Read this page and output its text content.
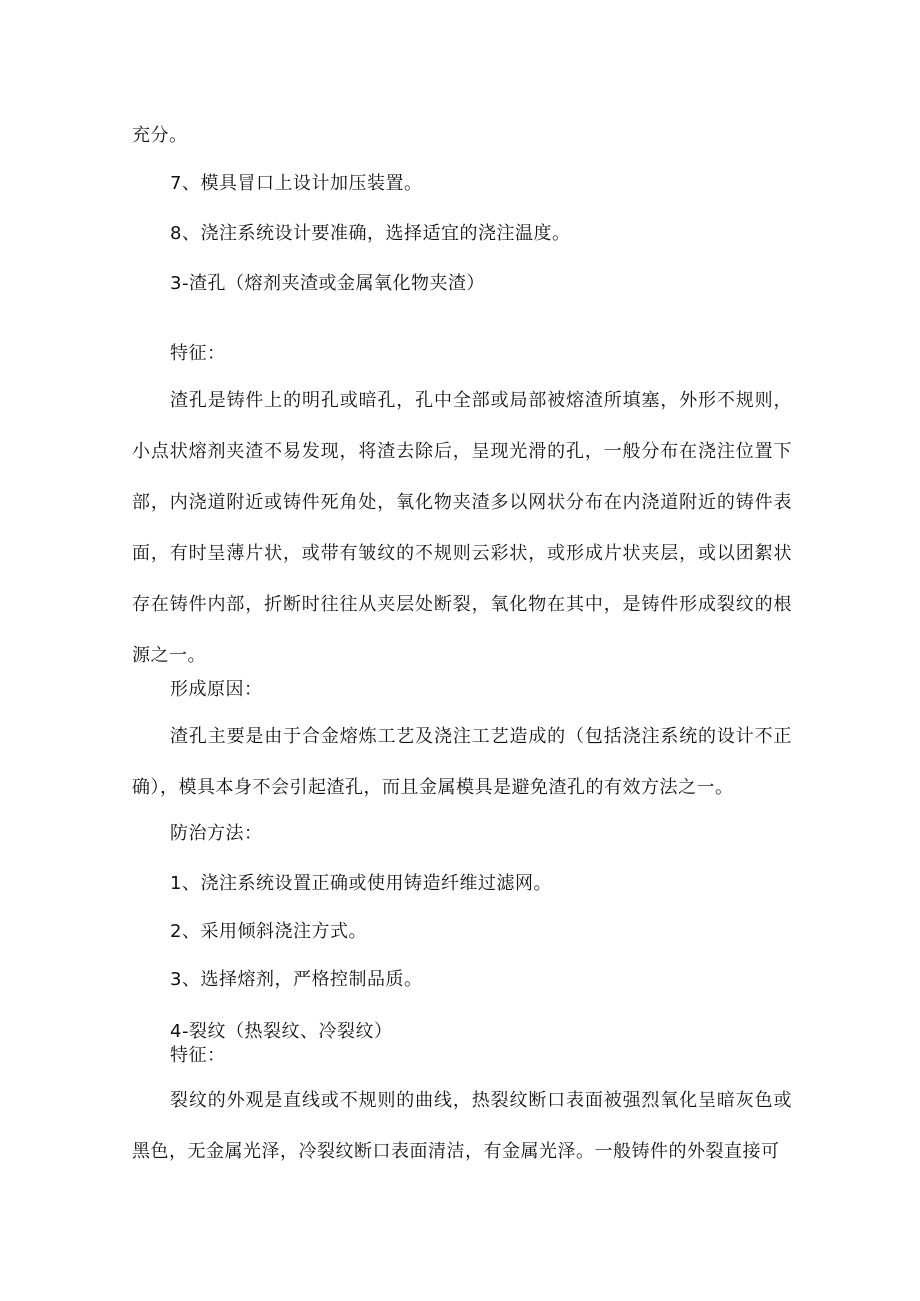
充分。
7、模具冒口上设计加压装置。
8、浇注系统设计要准确，选择适宜的浇注温度。
3-渣孔（熔剂夹渣或金属氧化物夹渣）
特征：
渣孔是铸件上的明孔或暗孔，孔中全部或局部被熔渣所填塞，外形不规则，小点状熔剂夹渣不易发现，将渣去除后，呈现光滑的孔，一般分布在浇注位置下部，内浇道附近或铸件死角处，氧化物夹渣多以网状分布在内浇道附近的铸件表面，有时呈薄片状，或带有皱纹的不规则云彩状，或形成片状夹层，或以团絮状存在铸件内部，折断时往往从夹层处断裂，氧化物在其中，是铸件形成裂纹的根源之一。
形成原因：
渣孔主要是由于合金熔炼工艺及浇注工艺造成的（包括浇注系统的设计不正确），模具本身不会引起渣孔，而且金属模具是避免渣孔的有效方法之一。
防治方法：
1、浇注系统设置正确或使用铸造纤维过滤网。
2、采用倾斜浇注方式。
3、选择熔剂，严格控制品质。
4-裂纹（热裂纹、冷裂纹）
特征：
裂纹的外观是直线或不规则的曲线，热裂纹断口表面被强烈氧化呈暗灰色或黑色，无金属光泽，冷裂纹断口表面清洁，有金属光泽。一般铸件的外裂直接可
